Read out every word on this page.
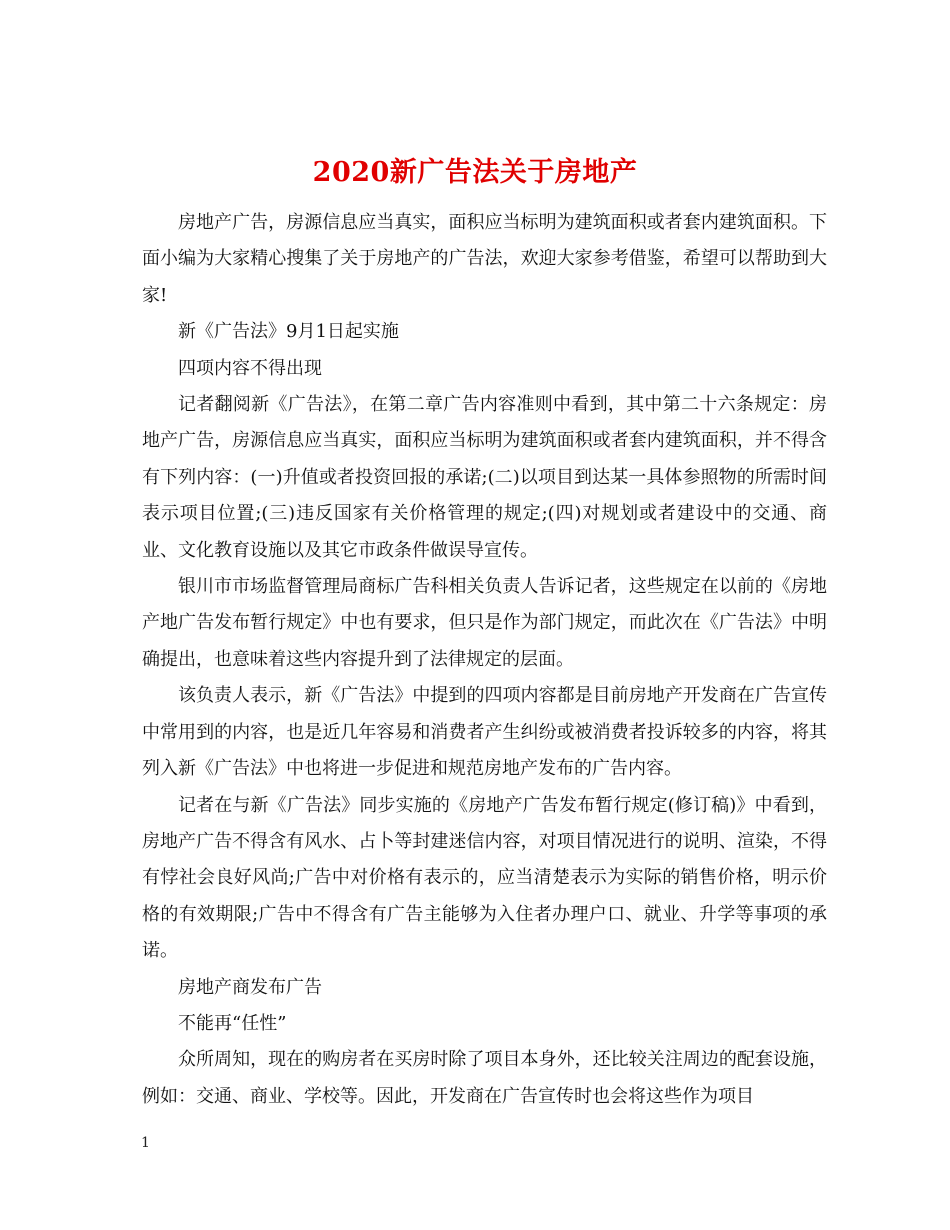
2020新广告法关于房地产

房地产广告，房源信息应当真实，面积应当标明为建筑面积或者套内建筑面积。下面小编为大家精心搜集了关于房地产的广告法，欢迎大家参考借鉴，希望可以帮助到大家!

新《广告法》9月1日起实施

四项内容不得出现

记者翻阅新《广告法》，在第二章广告内容准则中看到，其中第二十六条规定：房地产广告，房源信息应当真实，面积应当标明为建筑面积或者套内建筑面积，并不得含有下列内容：(一)升值或者投资回报的承诺;(二)以项目到达某一具体参照物的所需时间表示项目位置;(三)违反国家有关价格管理的规定;(四)对规划或者建设中的交通、商业、文化教育设施以及其它市政条件做误导宣传。

银川市市场监督管理局商标广告科相关负责人告诉记者，这些规定在以前的《房地产地广告发布暂行规定》中也有要求，但只是作为部门规定，而此次在《广告法》中明确提出，也意味着这些内容提升到了法律规定的层面。

该负责人表示，新《广告法》中提到的四项内容都是目前房地产开发商在广告宣传中常用到的内容，也是近几年容易和消费者产生纠纷或被消费者投诉较多的内容，将其列入新《广告法》中也将进一步促进和规范房地产发布的广告内容。

记者在与新《广告法》同步实施的《房地产广告发布暂行规定(修订稿)》中看到，房地产广告不得含有风水、占卜等封建迷信内容，对项目情况进行的说明、渲染，不得有悖社会良好风尚;广告中对价格有表示的，应当清楚表示为实际的销售价格，明示价格的有效期限;广告中不得含有广告主能够为入住者办理户口、就业、升学等事项的承诺。

房地产商发布广告

不能再“任性”

众所周知，现在的购房者在买房时除了项目本身外，还比较关注周边的配套设施，例如：交通、商业、学校等。因此，开发商在广告宣传时也会将这些作为项目

1
